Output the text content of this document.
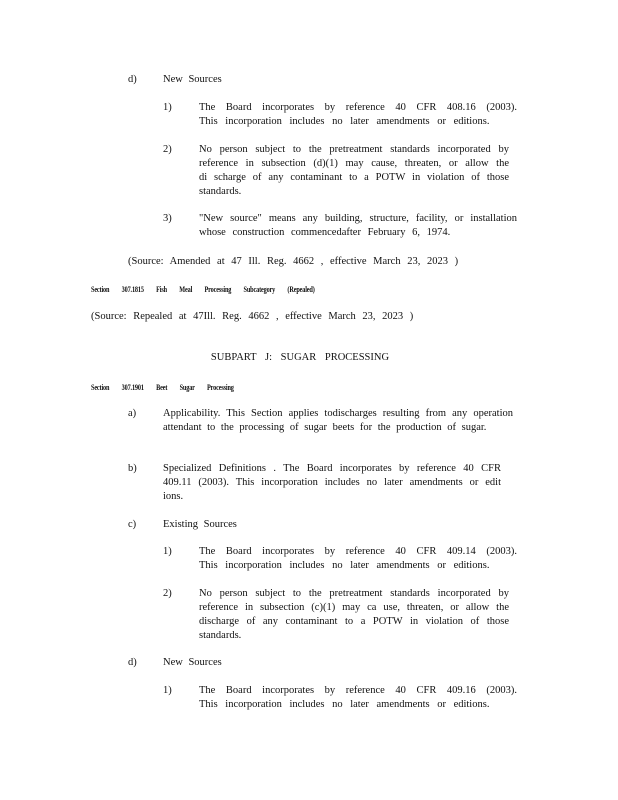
d)	New Sources
1)	The Board incorporates by reference 40 CFR 408.16 (2003). This incorporation includes no later amendments or editions.
2)	No person subject to the pretreatment standards incorporated by reference in subsection (d)(1) may cause, threaten, or allow the di scharge of any contaminant to a POTW in violation of those standards.
3)	"New source" means any building, structure, facility, or installation whose construction commencedafter February 6, 1974.
(Source: Amended at 47 Ill. Reg. 4662 , effective March 23, 2023 )
Section 307.1815 Fish Meal Processing Subcategory (Repealed)
(Source: Repealed at 47Ill. Reg. 4662 , effective March 23, 2023 )
SUBPART J: SUGAR PROCESSING
Section 307.1901 Beet Sugar Processing
a)	Applicability. This Section applies todischarges resulting from any operation attendant to the processing of sugar beets for the production of sugar.
b)	Specialized Definitions . The Board incorporates by reference 40 CFR 409.11 (2003). This incorporation includes no later amendments or edit ions.
c)	Existing Sources
1)	The Board incorporates by reference 40 CFR 409.14 (2003). This incorporation includes no later amendments or editions.
2)	No person subject to the pretreatment standards incorporated by reference in subsection (c)(1) may ca use, threaten, or allow the discharge of any contaminant to a POTW in violation of those standards.
d)	New Sources
1)	The Board incorporates by reference 40 CFR 409.16 (2003). This incorporation includes no later amendments or editions.
